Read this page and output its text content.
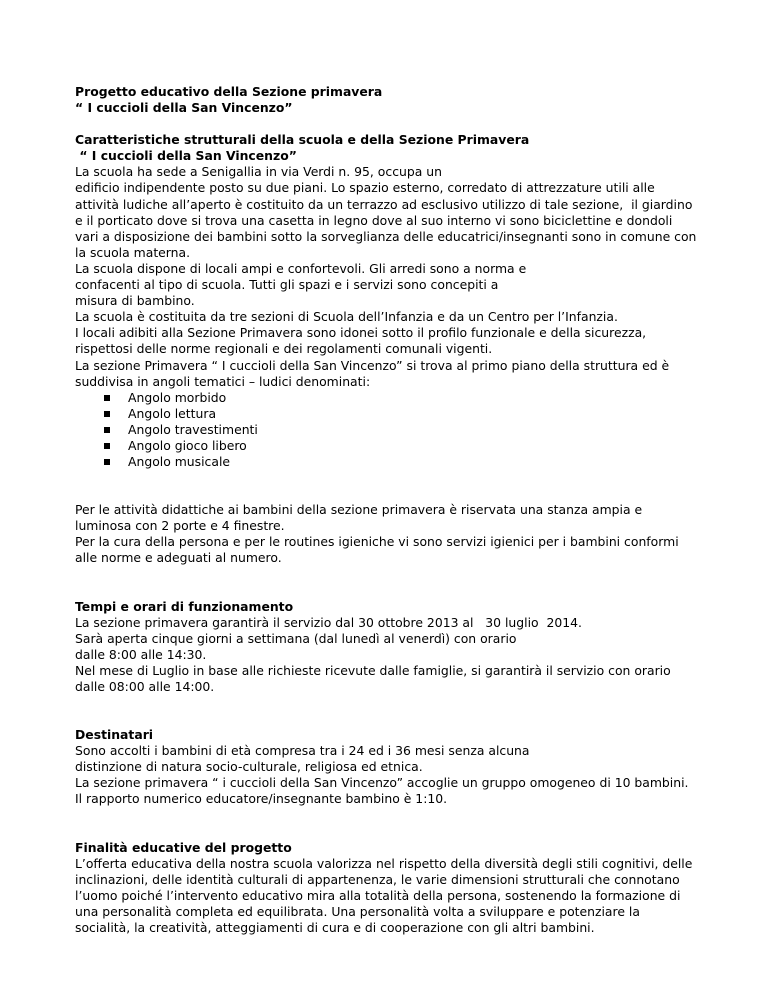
Progetto educativo della Sezione primavera
“ I cuccioli della San Vincenzo”
Caratteristiche strutturali della scuola e della Sezione Primavera
“ I cuccioli della San Vincenzo”
La scuola ha sede a Senigallia in via Verdi n. 95, occupa un
edificio indipendente posto su due piani. Lo spazio esterno, corredato di attrezzature utili alle
attività ludiche all’aperto è costituito da un terrazzo ad esclusivo utilizzo di tale sezione,  il giardino
e il porticato dove si trova una casetta in legno dove al suo interno vi sono biciclettine e dondoli
vari a disposizione dei bambini sotto la sorveglianza delle educatrici/insegnanti sono in comune con
la scuola materna.
La scuola dispone di locali ampi e confortevoli. Gli arredi sono a norma e
confacenti al tipo di scuola. Tutti gli spazi e i servizi sono concepiti a
misura di bambino.
La scuola è costituita da tre sezioni di Scuola dell’Infanzia e da un Centro per l’Infanzia.
I locali adibiti alla Sezione Primavera sono idonei sotto il profilo funzionale e della sicurezza,
rispettosi delle norme regionali e dei regolamenti comunali vigenti.
La sezione Primavera “ I cuccioli della San Vincenzo” si trova al primo piano della struttura ed è
suddivisa in angoli tematici – ludici denominati:
Angolo morbido
Angolo lettura
Angolo travestimenti
Angolo gioco libero
Angolo musicale
Per le attività didattiche ai bambini della sezione primavera è riservata una stanza ampia e
luminosa con 2 porte e 4 finestre.
Per la cura della persona e per le routines igieniche vi sono servizi igienici per i bambini conformi
alle norme e adeguati al numero.
Tempi e orari di funzionamento
La sezione primavera garantirà il servizio dal 30 ottobre 2013 al   30 luglio  2014.
Sarà aperta cinque giorni a settimana (dal lunedì al venerdì) con orario
dalle 8:00 alle 14:30.
Nel mese di Luglio in base alle richieste ricevute dalle famiglie, si garantirà il servizio con orario
dalle 08:00 alle 14:00.
Destinatari
Sono accolti i bambini di età compresa tra i 24 ed i 36 mesi senza alcuna
distinzione di natura socio-culturale, religiosa ed etnica.
La sezione primavera “ i cuccioli della San Vincenzo” accoglie un gruppo omogeneo di 10 bambini.
Il rapporto numerico educatore/insegnante bambino è 1:10.
Finalità educative del progetto
L’offerta educativa della nostra scuola valorizza nel rispetto della diversità degli stili cognitivi, delle
inclinazioni, delle identità culturali di appartenenza, le varie dimensioni strutturali che connotano
l’uomo poiché l’intervento educativo mira alla totalità della persona, sostenendo la formazione di
una personalità completa ed equilibrata. Una personalità volta a sviluppare e potenziare la
socialità, la creatività, atteggiamenti di cura e di cooperazione con gli altri bambini.
